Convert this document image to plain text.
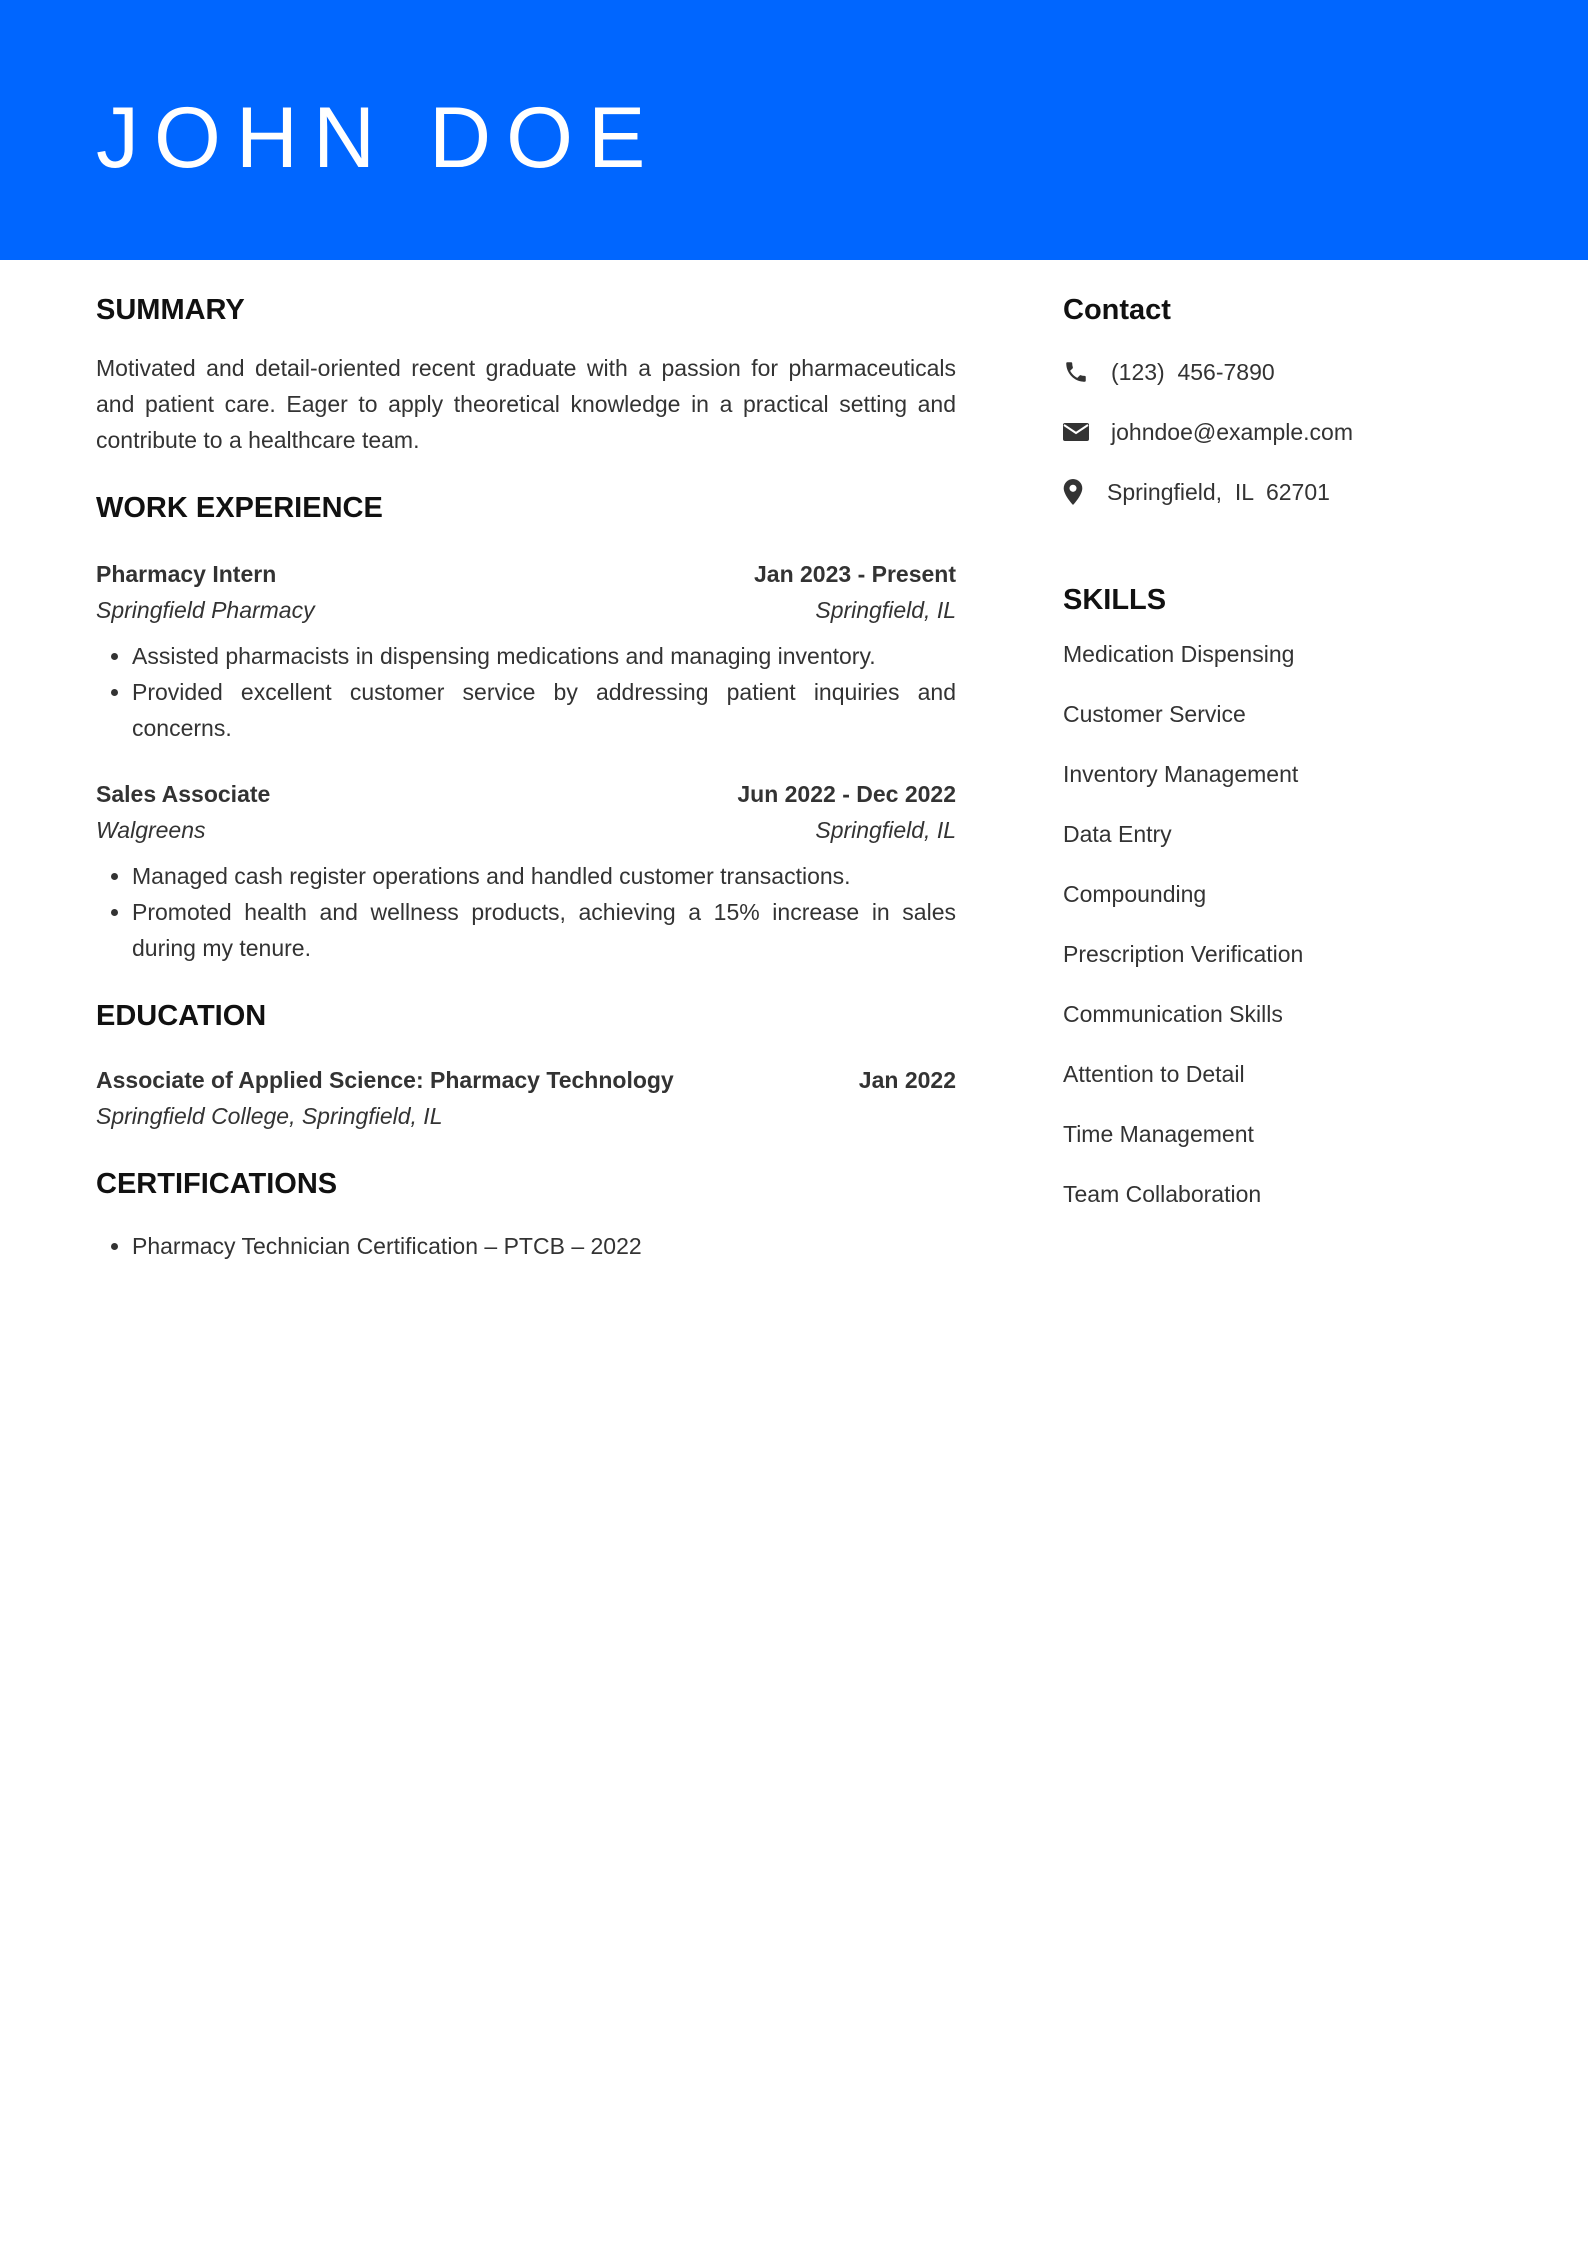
JOHN DOE
SUMMARY

Motivated and detail-oriented recent graduate with a passion for pharmaceuticals and patient care. Eager to apply theoretical knowledge in a practical setting and contribute to a healthcare team.

WORK EXPERIENCE
Pharmacy Intern	Jan 2023 - Present
Springfield Pharmacy	Springfield, IL
• Assisted pharmacists in dispensing medications and managing inventory.
• Provided excellent customer service by addressing patient inquiries and concerns.
Sales Associate	Jun 2022 - Dec 2022
Walgreens	Springfield, IL
• Managed cash register operations and handled customer transactions.
• Promoted health and wellness products, achieving a 15% increase in sales during my tenure.
EDUCATION
Associate of Applied Science: Pharmacy Technology	Jan 2022
Springfield College, Springfield, IL
CERTIFICATIONS
• Pharmacy Technician Certification – PTCB – 2022
Contact
(123)  456-7890
johndoe@example.com
Springfield,  IL  62701
SKILLS
Medication Dispensing
Customer Service
Inventory Management
Data Entry
Compounding
Prescription Verification
Communication Skills
Attention to Detail
Time Management
Team Collaboration
